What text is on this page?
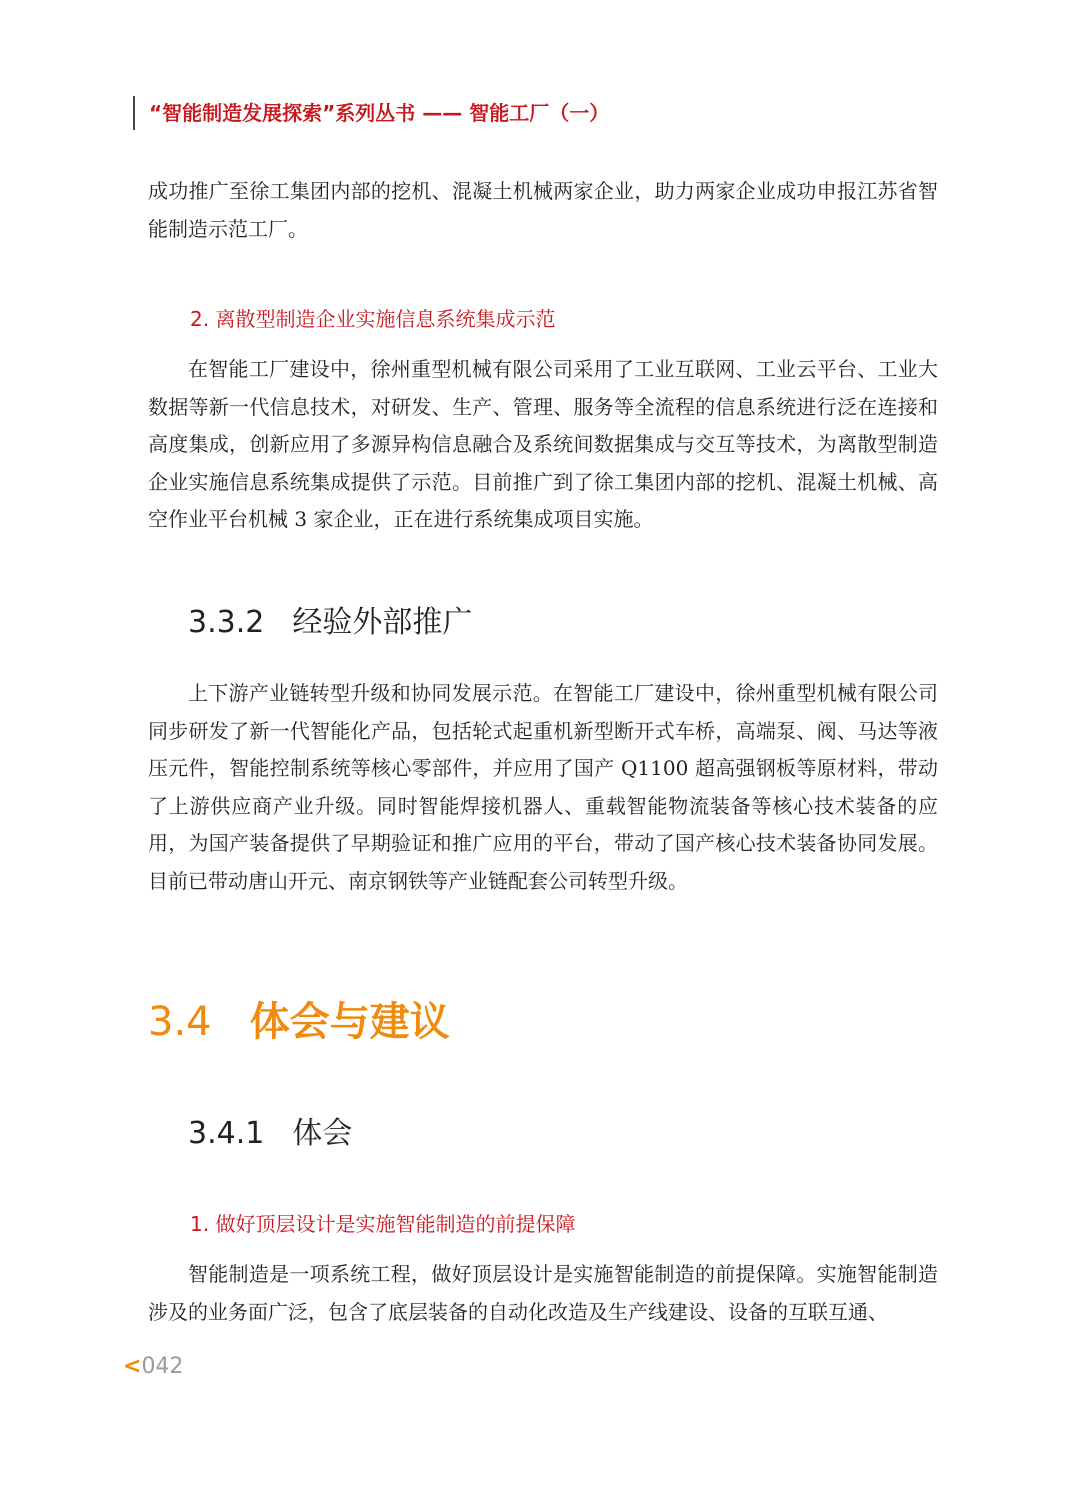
“智能制造发展探索”系列丛书 —— 智能工厂（一）

成功推广至徐工集团内部的挖机、混凝土机械两家企业，助力两家企业成功申报江苏省智能制造示范工厂。

2. 离散型制造企业实施信息系统集成示范

在智能工厂建设中，徐州重型机械有限公司采用了工业互联网、工业云平台、工业大数据等新一代信息技术，对研发、生产、管理、服务等全流程的信息系统进行泛在连接和高度集成，创新应用了多源异构信息融合及系统间数据集成与交互等技术，为离散型制造企业实施信息系统集成提供了示范。目前推广到了徐工集团内部的挖机、混凝土机械、高空作业平台机械 3 家企业，正在进行系统集成项目实施。

3.3.2 经验外部推广

上下游产业链转型升级和协同发展示范。在智能工厂建设中，徐州重型机械有限公司同步研发了新一代智能化产品，包括轮式起重机新型断开式车桥，高端泵、阀、马达等液压元件，智能控制系统等核心零部件，并应用了国产 Q1100 超高强钢板等原材料，带动了上游供应商产业升级。同时智能焊接机器人、重载智能物流装备等核心技术装备的应用，为国产装备提供了早期验证和推广应用的平台，带动了国产核心技术装备协同发展。目前已带动唐山开元、南京钢铁等产业链配套公司转型升级。

3.4 体会与建议
3.4.1 体会
1. 做好顶层设计是实施智能制造的前提保障

智能制造是一项系统工程，做好顶层设计是实施智能制造的前提保障。实施智能制造涉及的业务面广泛，包含了底层装备的自动化改造及生产线建设、设备的互联互通、

<042
